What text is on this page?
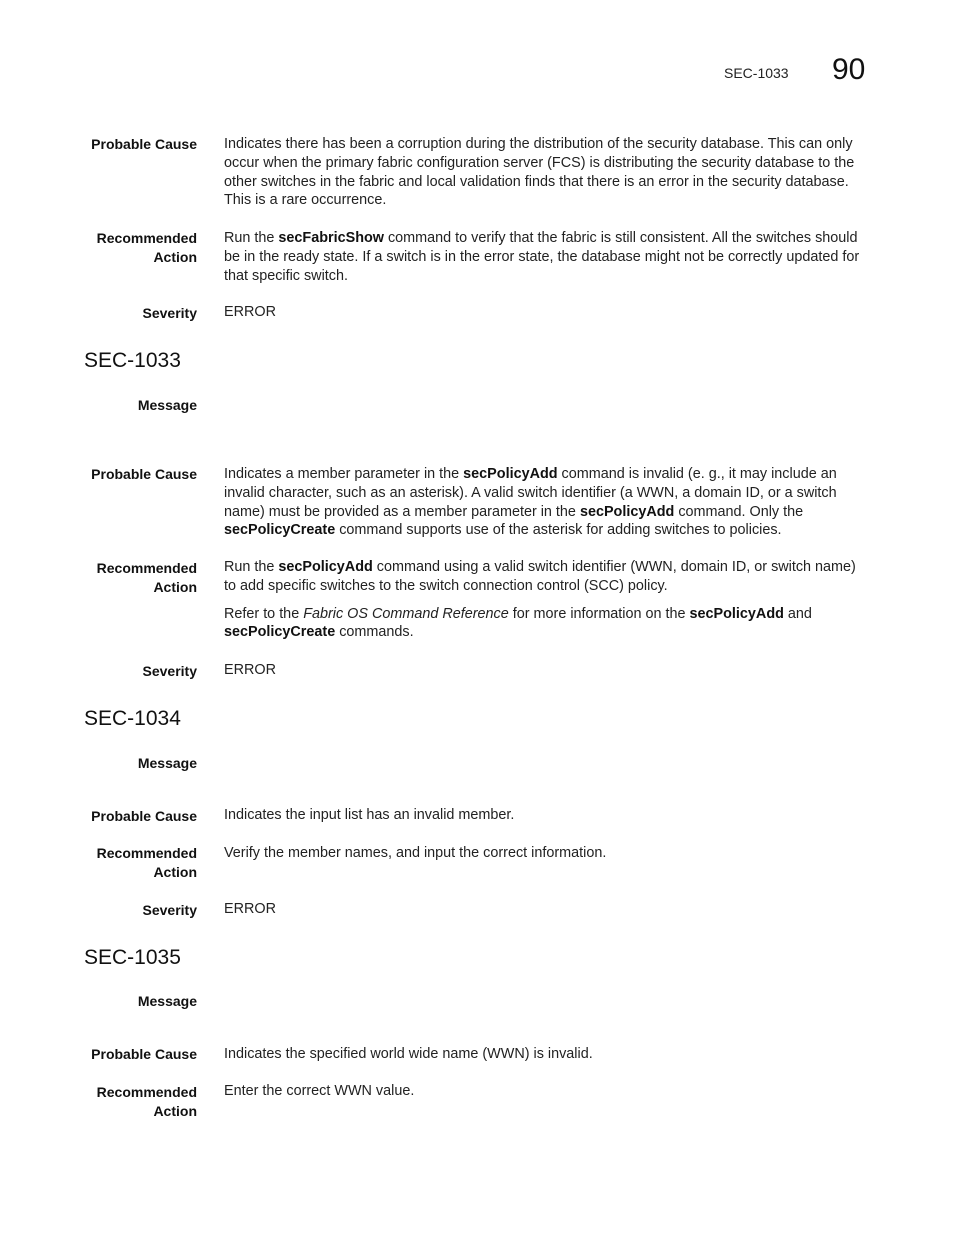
SEC-1033 90
Probable Cause Indicates there has been a corruption during the distribution of the security database. This can only occur when the primary fabric configuration server (FCS) is distributing the security database to the other switches in the fabric and local validation finds that there is an error in the security database. This is a rare occurrence.

Recommended
Action

Run the secFabricShow command to verify that the fabric is still consistent. All the switches should be in the ready state. If a switch is in the error state, the database might not be correctly updated for that specific switch.

Severity ERROR
SEC-1033
Message
Probable Cause Indicates a member parameter in the secPolicyAdd command is invalid (e. g., it may include an invalid character, such as an asterisk). A valid switch identifier (a WWN, a domain ID, or a switch name) must be provided as a member parameter in the secPolicyAdd command. Only the secPolicyCreate command supports use of the asterisk for adding switches to policies.

Recommended
Action

Run the secPolicyAdd command using a valid switch identifier (WWN, domain ID, or switch name) to add specific switches to the switch connection control (SCC) policy.

Refer to the Fabric OS Command Reference for more information on the secPolicyAdd and secPolicyCreate commands.

Severity ERROR
SEC-1034
Message
Probable Cause Indicates the input list has an invalid member.
Recommended
Action
Verify the member names, and input the correct information.
Severity ERROR
SEC-1035
Message
Probable Cause Indicates the specified world wide name (WWN) is invalid.
Recommended
Action
Enter the correct WWN value.
